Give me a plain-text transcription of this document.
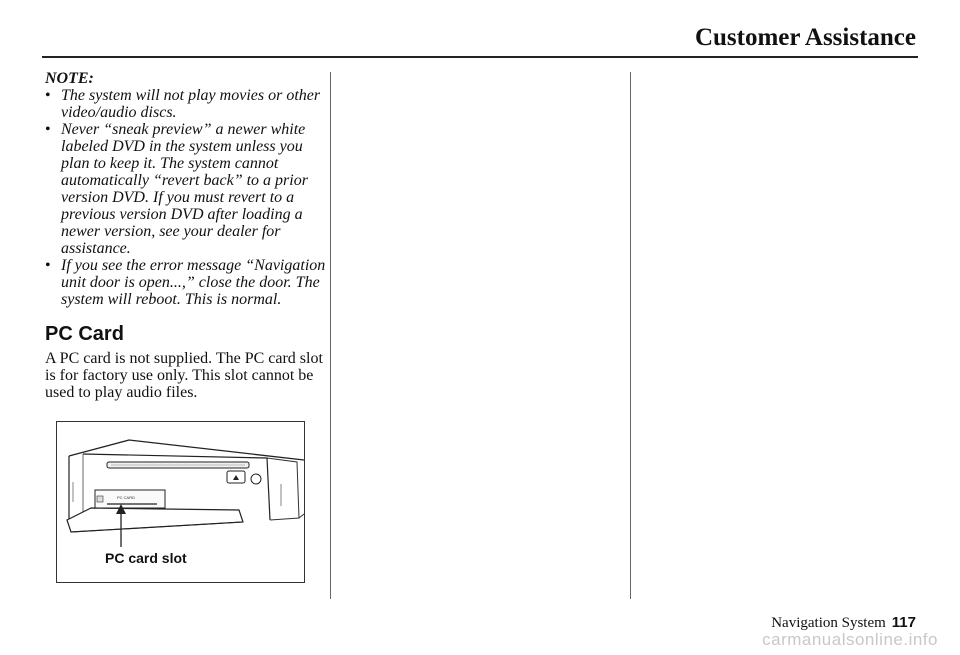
Customer Assistance
NOTE:
• The system will not play movies or other video/audio discs.
• Never “sneak preview” a newer white labeled DVD in the system unless you plan to keep it. The system cannot automatically “revert back” to a prior version DVD. If you must revert to a previous version DVD after loading a newer version, see your dealer for assistance.
• If you see the error message “Navigation unit door is open...,” close the door. The system will reboot. This is normal.
PC Card

A PC card is not supplied. The PC card slot is for factory use only. This slot cannot be used to play audio files.

PC CARD
PC card slot
Navigation System 117
carmanualsonline.info
